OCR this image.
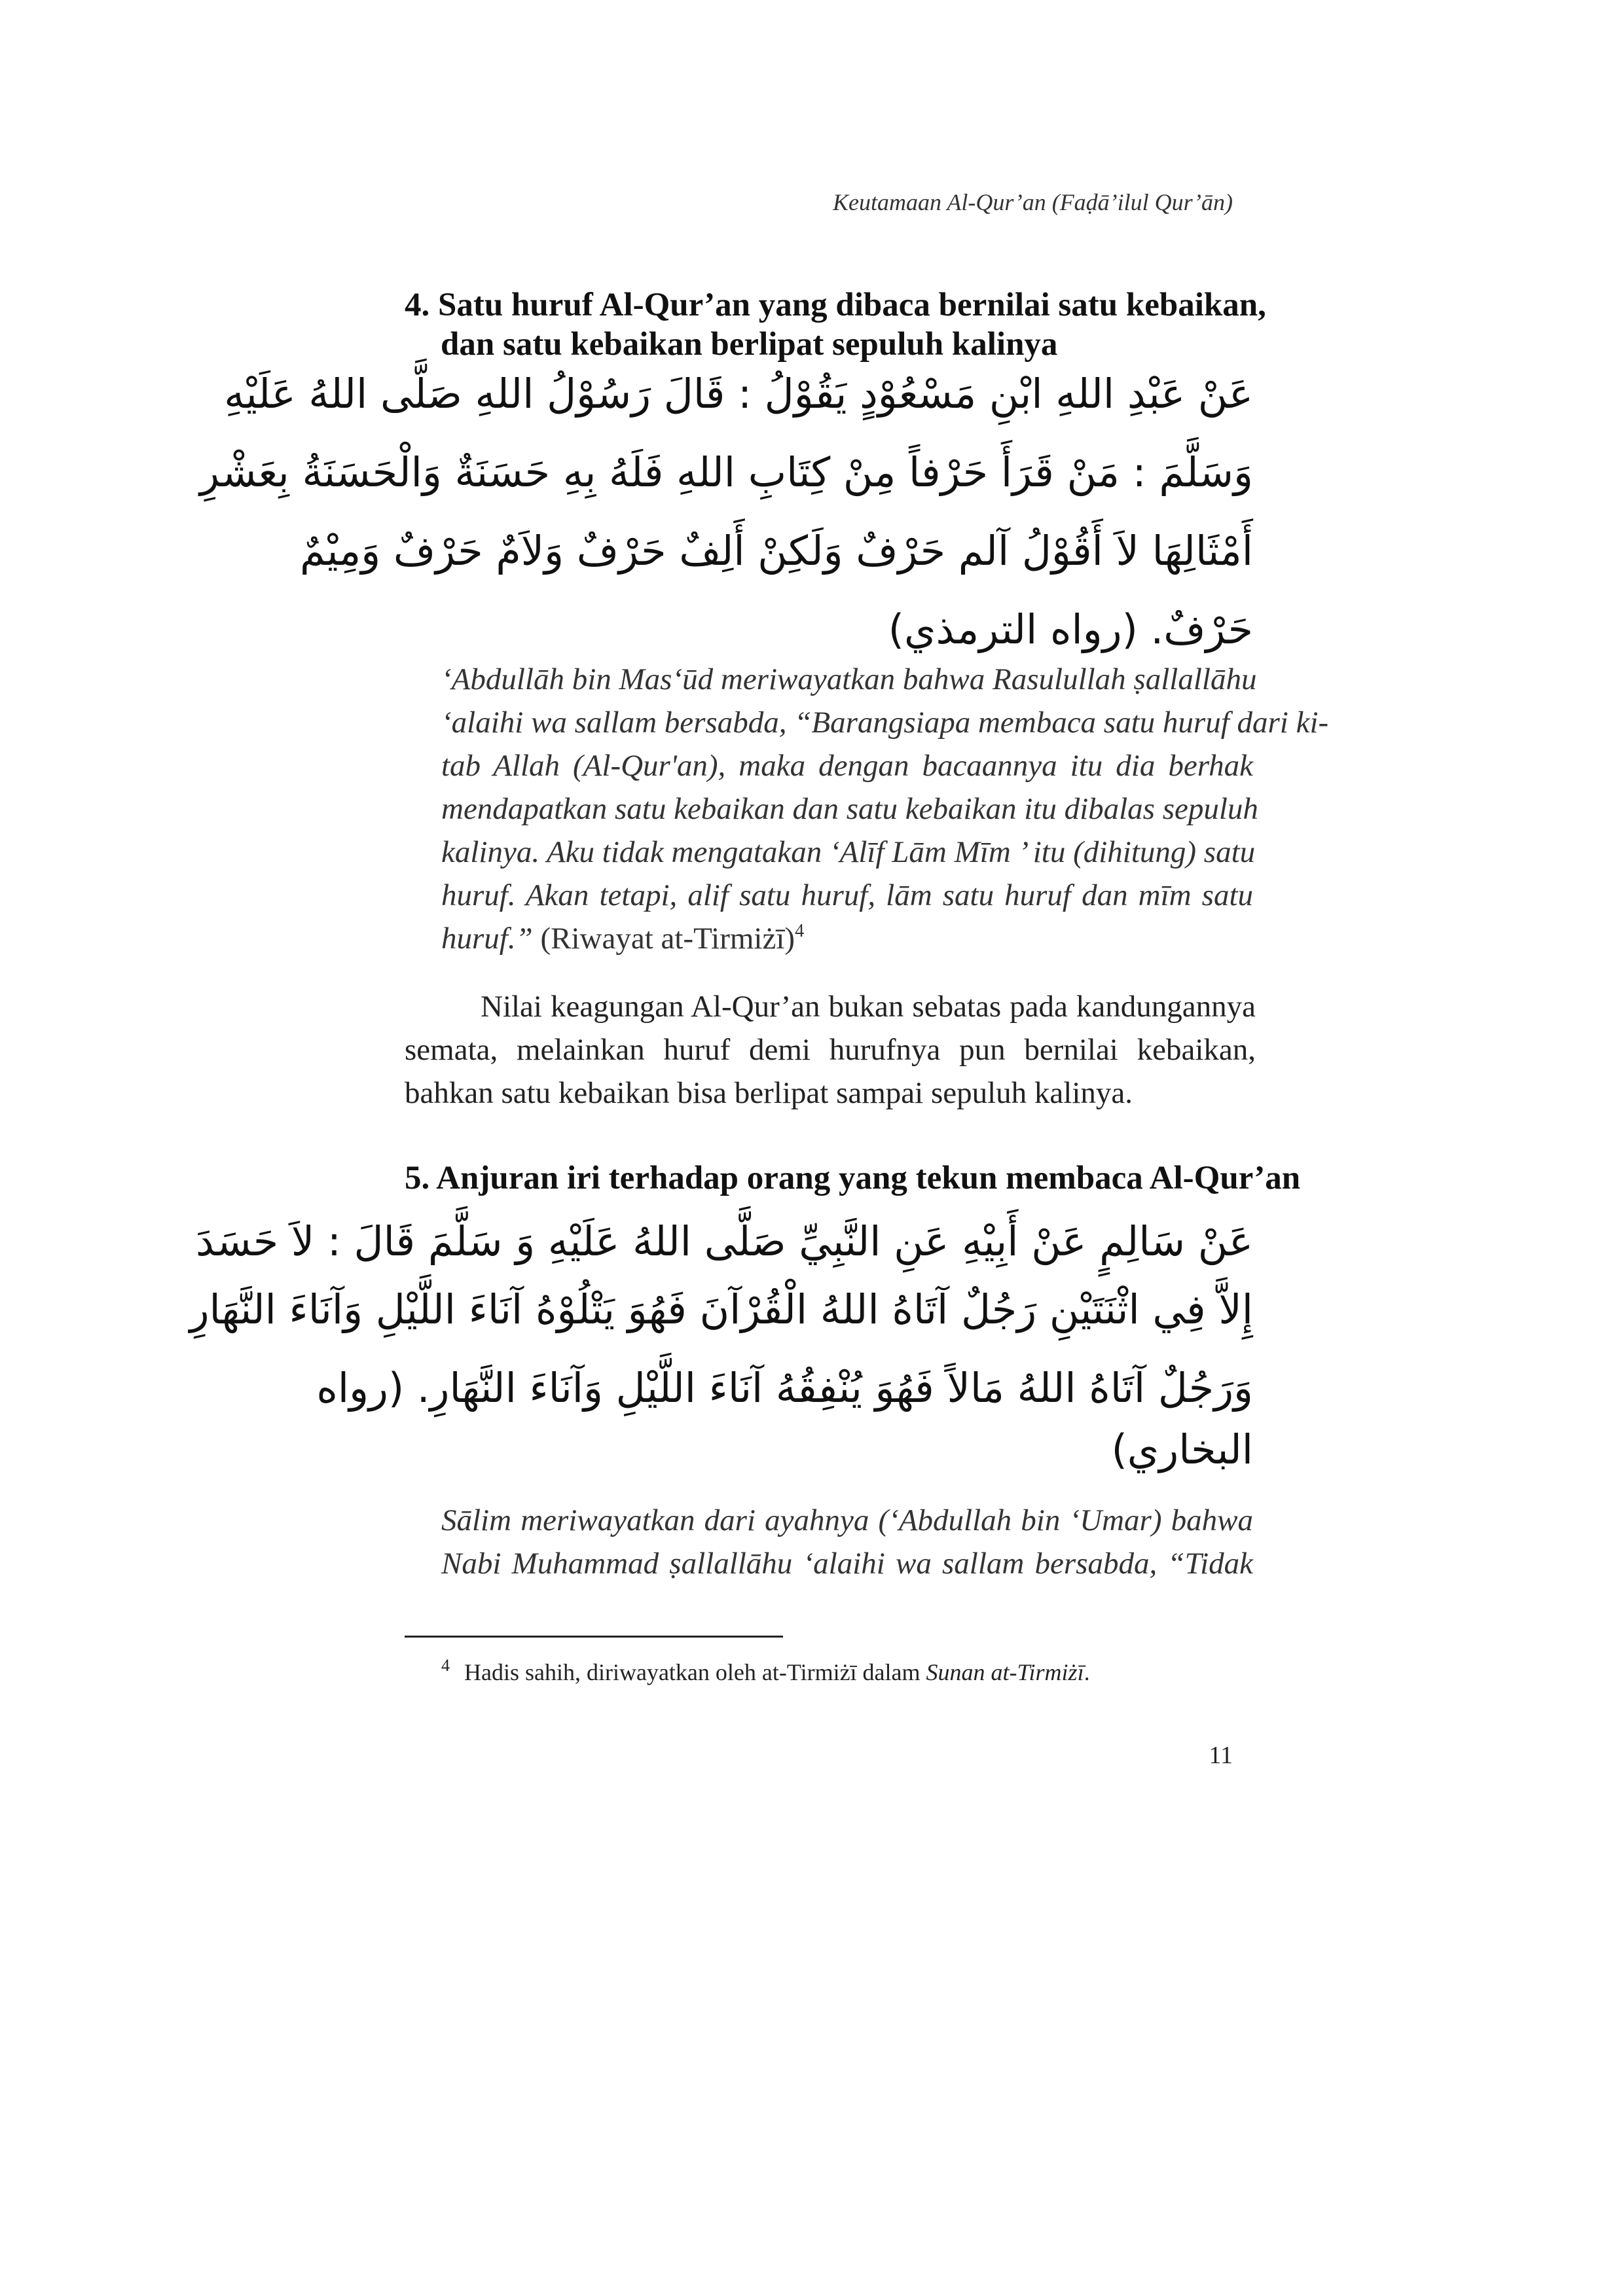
Keutamaan Al-Qur’an (Faḍā’ilul Qur’ān)
4. Satu huruf Al-Qur’an yang dibaca bernilai satu kebaikan,
dan satu kebaikan berlipat sepuluh kalinya
عَنْ عَبْدِ اللهِ ابْنِ مَسْعُوْدٍ يَقُوْلُ : قَالَ رَسُوْلُ اللهِ صَلَّى اللهُ عَلَيْهِ
وَسَلَّمَ : مَنْ قَرَأَ حَرْفاً مِنْ كِتَابِ اللهِ فَلَهُ بِهِ حَسَنَةٌ وَالْحَسَنَةُ بِعَشْرِ
أَمْثَالِهَا لاَ أَقُوْلُ آلم حَرْفٌ وَلَكِنْ أَلِفٌ حَرْفٌ وَلاَمٌ حَرْفٌ وَمِيْمٌ
حَرْفٌ. (رواه الترمذي)
‘Abdullāh bin Mas‘ūd meriwayatkan bahwa Rasulullah ṣallallāhu
‘alaihi wa sallam bersabda, “Barangsiapa membaca satu huruf dari ki-
tab Allah (Al-Qur'an), maka dengan bacaannya itu dia berhak
mendapatkan satu kebaikan dan satu kebaikan itu dibalas sepuluh
kalinya. Aku tidak mengatakan ‘Alīf Lām Mīm ’ itu (dihitung) satu
huruf. Akan tetapi, alif satu huruf, lām satu huruf dan mīm satu
huruf.” (Riwayat at-Tirmiżī)$^4$
Nilai keagungan Al-Qur’an bukan sebatas pada kandungannya
semata, melainkan huruf demi hurufnya pun bernilai kebaikan,
bahkan satu kebaikan bisa berlipat sampai sepuluh kalinya.
5. Anjuran iri terhadap orang yang tekun membaca Al-Qur’an
عَنْ سَالِمٍ عَنْ أَبِيْهِ عَنِ النَّبِيِّ صَلَّى اللهُ عَلَيْهِ وَ سَلَّمَ قَالَ : لاَ حَسَدَ
إِلاَّ فِي اثْنَتَيْنِ رَجُلٌ آتَاهُ اللهُ الْقُرْآنَ فَهُوَ يَتْلُوْهُ آنَاءَ اللَّيْلِ وَآنَاءَ النَّهَارِ
وَرَجُلٌ آتَاهُ اللهُ مَالاً فَهُوَ يُنْفِقُهُ آنَاءَ اللَّيْلِ وَآنَاءَ النَّهَارِ. (رواه
البخاري)
Sālim meriwayatkan dari ayahnya (‘Abdullah bin ‘Umar) bahwa
Nabi Muhammad ṣallallāhu ‘alaihi wa sallam bersabda, “Tidak
$^4$ Hadis sahih, diriwayatkan oleh at-Tirmiżī dalam Sunan at-Tirmiżī.
11
